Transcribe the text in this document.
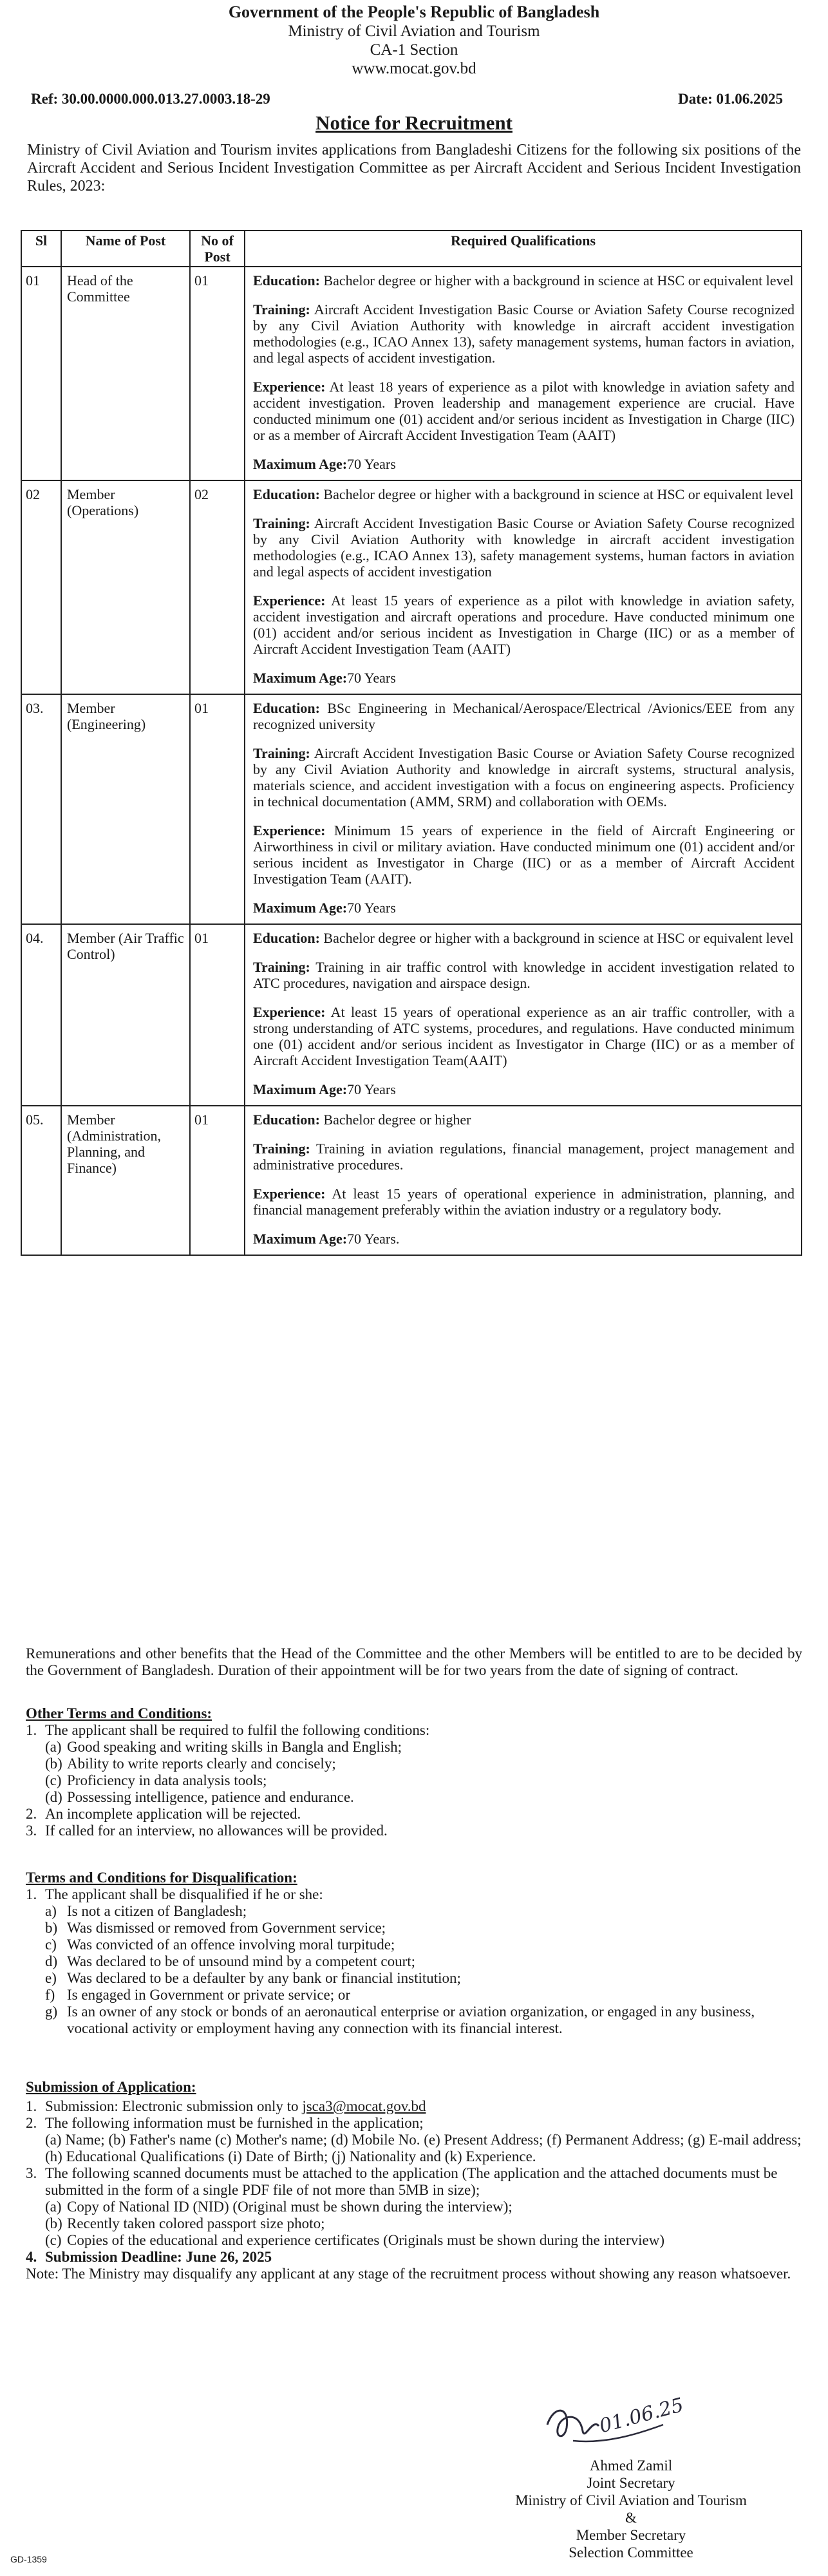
Government of the People's Republic of Bangladesh
Ministry of Civil Aviation and Tourism
CA-1 Section
www.mocat.gov.bd
Ref: 30.00.0000.000.013.27.0003.18-29	Date: 01.06.2025
Notice for Recruitment
Ministry of Civil Aviation and Tourism invites applications from Bangladeshi Citizens for the following six positions of the Aircraft Accident and Serious Incident Investigation Committee as per Aircraft Accident and Serious Incident Investigation Rules, 2023:
Sl	Name of Post	No of Post	Required Qualifications
01	Head of the Committee	01	Education: Bachelor degree or higher with a background in science at HSC or equivalent level

Training: Aircraft Accident Investigation Basic Course or Aviation Safety Course recognized by any Civil Aviation Authority with knowledge in aircraft accident investigation methodologies (e.g., ICAO Annex 13), safety management systems, human factors in aviation, and legal aspects of accident investigation.

Experience: At least 18 years of experience as a pilot with knowledge in aviation safety and accident investigation. Proven leadership and management experience are crucial. Have conducted minimum one (01) accident and/or serious incident as Investigation in Charge (IIC) or as a member of Aircraft Accident Investigation Team (AAIT)

Maximum Age:70 Years

02	Member (Operations)	02	Education: Bachelor degree or higher with a background in science at HSC or equivalent level

Training: Aircraft Accident Investigation Basic Course or Aviation Safety Course recognized by any Civil Aviation Authority with knowledge in aircraft accident investigation methodologies (e.g., ICAO Annex 13), safety management systems, human factors in aviation and legal aspects of accident investigation

Experience: At least 15 years of experience as a pilot with knowledge in aviation safety, accident investigation and aircraft operations and procedure. Have conducted minimum one (01) accident and/or serious incident as Investigation in Charge (IIC) or as a member of Aircraft Accident Investigation Team (AAIT)

Maximum Age:70 Years

03.	Member (Engineering)	01	Education: BSc Engineering in Mechanical/Aerospace/Electrical /Avionics/EEE from any recognized university

Training: Aircraft Accident Investigation Basic Course or Aviation Safety Course recognized by any Civil Aviation Authority and knowledge in aircraft systems, structural analysis, materials science, and accident investigation with a focus on engineering aspects. Proficiency in technical documentation (AMM, SRM) and collaboration with OEMs.

Experience: Minimum 15 years of experience in the field of Aircraft Engineering or Airworthiness in civil or military aviation. Have conducted minimum one (01) accident and/or serious incident as Investigator in Charge (IIC) or as a member of Aircraft Accident Investigation Team (AAIT).

Maximum Age:70 Years

04.	Member (Air Traffic Control)	01	Education: Bachelor degree or higher with a background in science at HSC or equivalent level

Training: Training in air traffic control with knowledge in accident investigation related to ATC procedures, navigation and airspace design.

Experience: At least 15 years of operational experience as an air traffic controller, with a strong understanding of ATC systems, procedures, and regulations. Have conducted minimum one (01) accident and/or serious incident as Investigator in Charge (IIC) or as a member of Aircraft Accident Investigation Team(AAIT)

Maximum Age:70 Years

05.	Member (Administration, Planning, and Finance)	01	Education: Bachelor degree or higher

Training: Training in aviation regulations, financial management, project management and administrative procedures.

Experience: At least 15 years of operational experience in administration, planning, and financial management preferably within the aviation industry or a regulatory body.

Maximum Age:70 Years.

Remunerations and other benefits that the Head of the Committee and the other Members will be entitled to are to be decided by the Government of Bangladesh. Duration of their appointment will be for two years from the date of signing of contract.
Other Terms and Conditions:
1. The applicant shall be required to fulfil the following conditions:
(a) Good speaking and writing skills in Bangla and English;
(b) Ability to write reports clearly and concisely;
(c) Proficiency in data analysis tools;
(d) Possessing intelligence, patience and endurance.
2. An incomplete application will be rejected.
3. If called for an interview, no allowances will be provided.
Terms and Conditions for Disqualification:
1. The applicant shall be disqualified if he or she:
a) Is not a citizen of Bangladesh;
b) Was dismissed or removed from Government service;
c) Was convicted of an offence involving moral turpitude;
d) Was declared to be of unsound mind by a competent court;
e) Was declared to be a defaulter by any bank or financial institution;
f) Is engaged in Government or private service; or
g) Is an owner of any stock or bonds of an aeronautical enterprise or aviation organization, or engaged in any business, vocational activity or employment having any connection with its financial interest.
Submission of Application:
1. Submission: Electronic submission only to jsca3@mocat.gov.bd
2. The following information must be furnished in the application;
(a) Name; (b) Father's name (c) Mother's name; (d) Mobile No. (e) Present Address; (f) Permanent Address; (g) E-mail address; (h) Educational Qualifications (i) Date of Birth; (j) Nationality and (k) Experience.
3. The following scanned documents must be attached to the application (The application and the attached documents must be submitted in the form of a single PDF file of not more than 5MB in size);
(a) Copy of National ID (NID) (Original must be shown during the interview);
(b) Recently taken colored passport size photo;
(c) Copies of the educational and experience certificates (Originals must be shown during the interview)
4. Submission Deadline: June 26, 2025
Note: The Ministry may disqualify any applicant at any stage of the recruitment process without showing any reason whatsoever.
01.06.25
Ahmed Zamil
Joint Secretary
Ministry of Civil Aviation and Tourism
&
Member Secretary
Selection Committee
GD-1359
